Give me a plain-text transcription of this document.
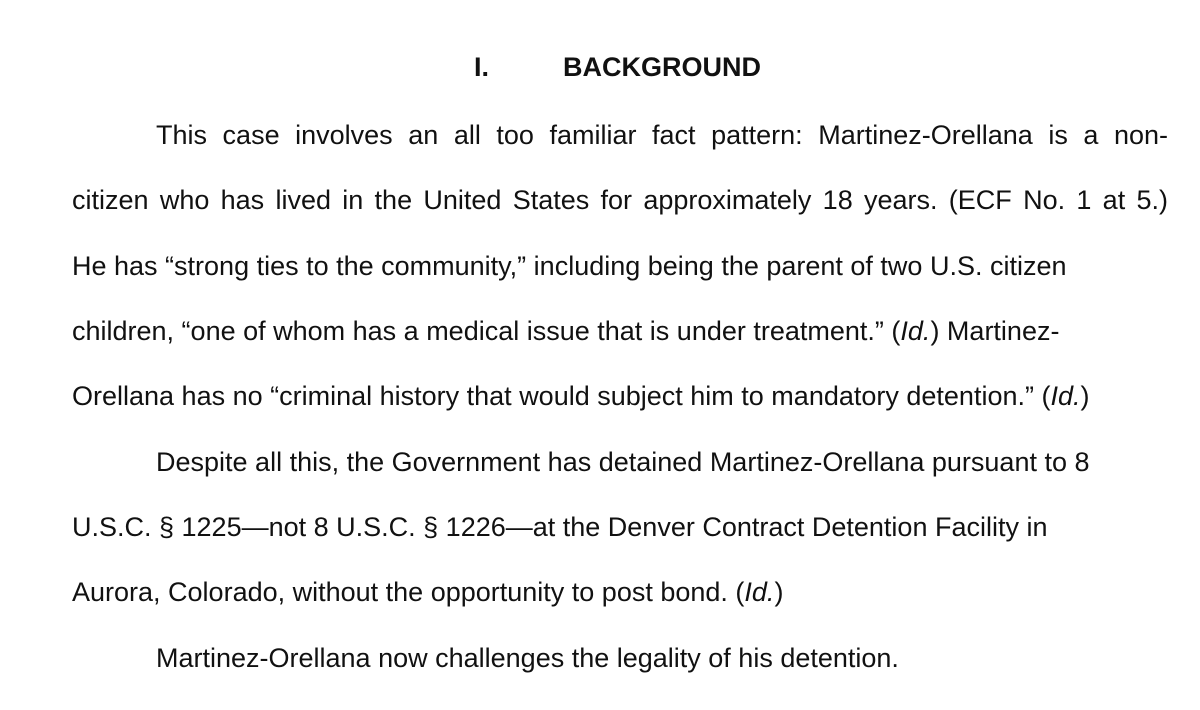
I.	BACKGROUND
This case involves an all too familiar fact pattern: Martinez-Orellana is a non-
citizen who has lived in the United States for approximately 18 years. (ECF No. 1 at 5.)
He has “strong ties to the community,” including being the parent of two U.S. citizen
children, “one of whom has a medical issue that is under treatment.” (Id.) Martinez-
Orellana has no “criminal history that would subject him to mandatory detention.” (Id.)
Despite all this, the Government has detained Martinez-Orellana pursuant to 8
U.S.C. § 1225—not 8 U.S.C. § 1226—at the Denver Contract Detention Facility in
Aurora, Colorado, without the opportunity to post bond. (Id.)
Martinez-Orellana now challenges the legality of his detention.
